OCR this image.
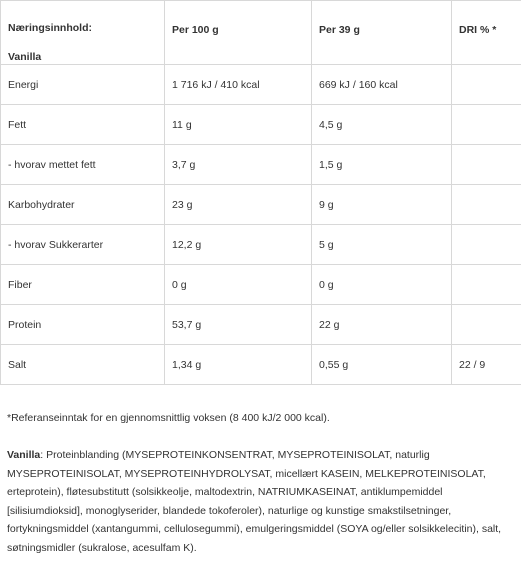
Næringsinnhold:
Vanilla	Per 100 g	Per 39 g	DRI % *
Energi	1 716 kJ / 410 kcal	669 kJ / 160 kcal	
Fett	11 g	4,5 g	
- hvorav mettet fett	3,7 g	1,5 g	
Karbohydrater	23 g	9 g	
- hvorav Sukkerarter	12,2 g	5 g	
Fiber	0 g	0 g	
Protein	53,7 g	22 g	
Salt	1,34 g	0,55 g	22 / 9
*Referanseinntak for en gjennomsnittlig voksen (8 400 kJ/2 000 kcal).
Vanilla: Proteinblanding (MYSEPROTEINKONSENTRAT, MYSEPROTEINISOLAT, naturlig MYSEPROTEINISOLAT, MYSEPROTEINHYDROLYSAT, micellært KASEIN, MELKEPROTEINISOLAT, erteprotein), fløtesubstitutt (solsikkeolje, maltodextrin, NATRIUMKASEINAT, antiklumpemiddel [silisiumdioksid], monoglyserider, blandede tokoferoler), naturlige og kunstige smakstilsetninger, fortykningsmiddel (xantangummi, cellulosegummi), emulgeringsmiddel (SOYA og/eller solsikkelecitin), salt, søtningsmidler (sukralose, acesulfam K).
